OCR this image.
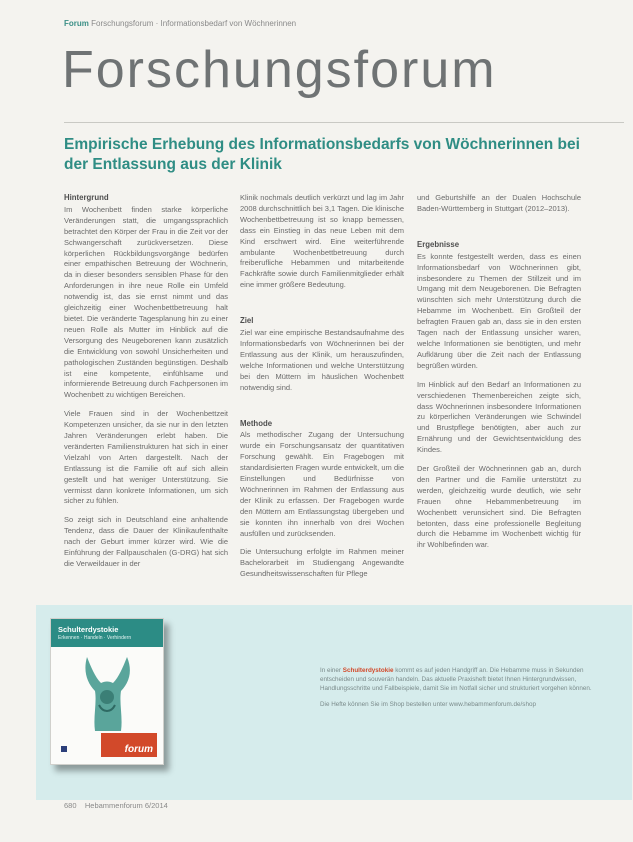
Forum Forschungsforum · Informationsbedarf von Wöchnerinnen
Forschungsforum
Empirische Erhebung des Informationsbedarfs von Wöchnerinnen bei der Entlassung aus der Klinik
Hintergrund

Im Wochenbett finden starke körperliche Veränderungen statt, die umgangssprachlich betrachtet den Körper der Frau in die Zeit vor der Schwangerschaft zurückversetzen. Diese körperlichen Rückbildungsvorgänge bedürfen einer empathischen Betreuung der Wöchnerin, da in dieser besonders sensiblen Phase für den Anforderungen in ihre neue Rolle ein Umfeld notwendig ist, das sie ernst nimmt und das gleichzeitig einer Wochenbettbetreuung halt bietet. Die veränderte Tagesplanung hin zu einer neuen Rolle als Mutter im Hinblick auf die Versorgung des Neugeborenen kann zusätzlich die Entwicklung von sowohl Unsicherheiten und pathologischen Zuständen begünstigen. Deshalb ist eine kompetente, einfühlsame und informierende Betreuung durch Fachpersonen im Wochenbett zu wichtigen Bereichen.

Viele Frauen sind in der Wochenbettzeit Kompetenzen unsicher, da sie nur in den letzten Jahren Veränderungen erlebt haben. Die veränderten Familienstrukturen hat sich in einer Vielzahl von Arten dargestellt. Nach der Entlassung ist die Familie oft auf sich allein gestellt und hat weniger Unterstützung. Sie vermisst dann konkrete Informationen, um sich sicher zu fühlen.

So zeigt sich in Deutschland eine anhaltende Tendenz, dass die Dauer der Klinikaufenthalte nach der Geburt immer kürzer wird. Wie die Einführung der Fallpauschalen (G-DRG) hat sich die Verweildauer in der

Klinik nochmals deutlich verkürzt und lag im Jahr 2008 durchschnittlich bei 3,1 Tagen. Die klinische Wochenbettbetreuung ist so knapp bemessen, dass ein Einstieg in das neue Leben mit dem Kind erschwert wird. Eine weiterführende ambulante Wochenbettbetreuung durch freiberufliche Hebammen und mitarbeitende Fachkräfte sowie durch Familienmitglieder erhält eine immer größere Bedeutung.

Ziel

Ziel war eine empirische Bestandsaufnahme des Informationsbedarfs von Wöchnerinnen bei der Entlassung aus der Klinik, um herauszufinden, welche Informationen und welche Unterstützung bei den Müttern im häuslichen Wochenbett notwendig sind.

Methode

Als methodischer Zugang der Untersuchung wurde ein Forschungsansatz der quantitativen Forschung gewählt. Ein Fragebogen mit standardisierten Fragen wurde entwickelt, um die Einstellungen und Bedürfnisse von Wöchnerinnen im Rahmen der Entlassung aus der Klinik zu erfassen. Der Fragebogen wurde den Müttern am Entlassungstag übergeben und sie konnten ihn innerhalb von drei Wochen ausfüllen und zurücksenden.

Die Untersuchung erfolgte im Rahmen meiner Bachelorarbeit im Studiengang Angewandte Gesundheitswissenschaften für Pflege

und Geburtshilfe an der Dualen Hochschule Baden-Württemberg in Stuttgart (2012–2013).

Ergebnisse

Es konnte festgestellt werden, dass es einen Informationsbedarf von Wöchnerinnen gibt, insbesondere zu Themen der Stillzeit und im Umgang mit dem Neugeborenen. Die Befragten wünschten sich mehr Unterstützung durch die Hebamme im Wochenbett. Ein Großteil der befragten Frauen gab an, dass sie in den ersten Tagen nach der Entlassung unsicher waren, welche Informationen sie benötigten, und mehr Aufklärung über die Zeit nach der Entlassung begrüßen würden.

Im Hinblick auf den Bedarf an Informationen zu verschiedenen Themenbereichen zeigte sich, dass Wöchnerinnen insbesondere Informationen zu körperlichen Veränderungen wie Schwindel und Brustpflege benötigten, aber auch zur Ernährung und der Gewichtsentwicklung des Kindes.

Der Großteil der Wöchnerinnen gab an, durch den Partner und die Familie unterstützt zu werden, gleichzeitig wurde deutlich, wie sehr Frauen ohne Hebammenbetreuung im Wochenbett verunsichert sind. Die Befragten betonten, dass eine professionelle Begleitung durch die Hebamme im Wochenbett wichtig für ihr Wohlbefinden war.

Schulterdystokie
Erkennen · Handeln · Verhindern
forum

In einer Schulterdystokie kommt es auf jeden Handgriff an. Die Hebamme muss in Sekunden entscheiden und souverän handeln. Das aktuelle Praxisheft bietet Ihnen Hintergrundwissen, Handlungsschritte und Fallbeispiele, damit Sie im Notfall sicher und strukturiert vorgehen können.

Die Hefte können Sie im Shop bestellen unter www.hebammenforum.de/shop

680 Hebammenforum 6/2014
